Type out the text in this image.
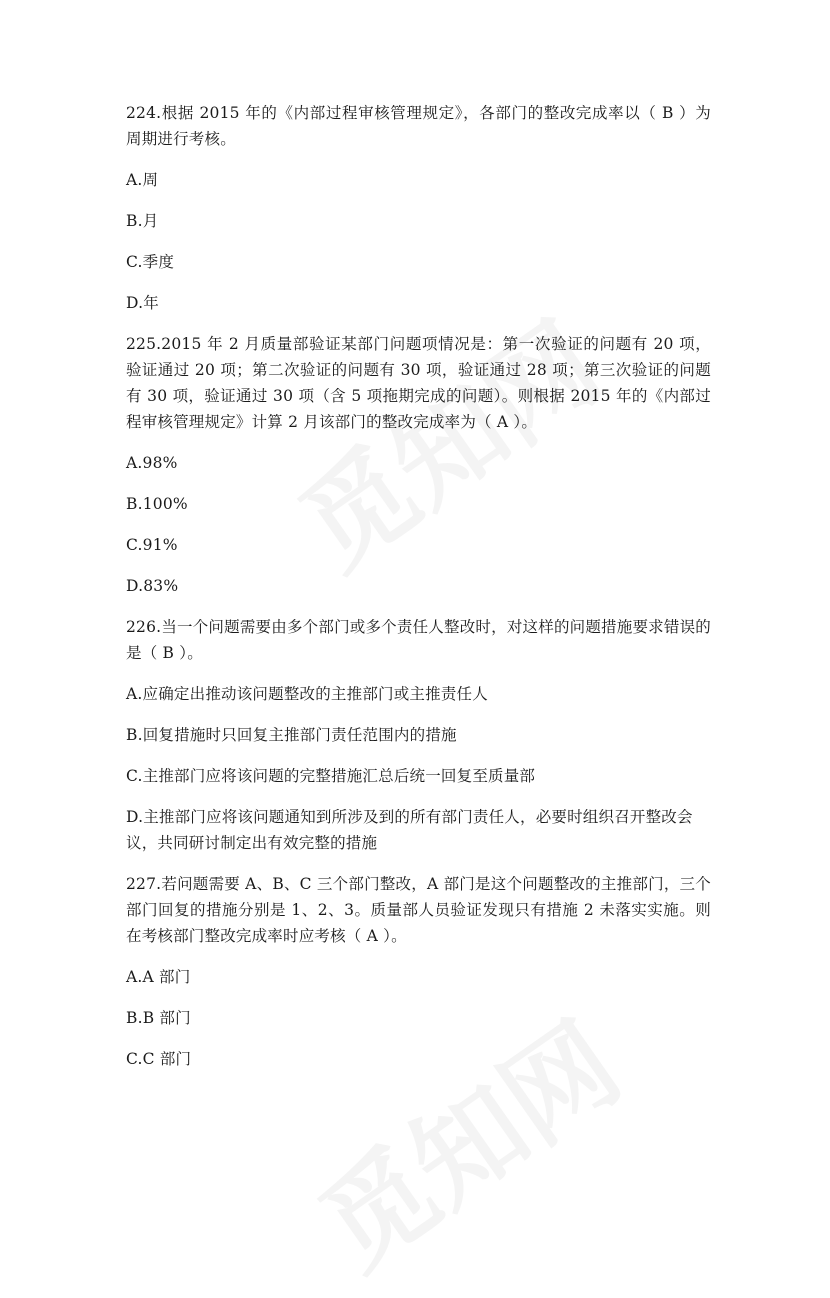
224.根据 2015 年的《内部过程审核管理规定》，各部门的整改完成率以（ B ）为周期进行考核。

A.周

B.月

C.季度

D.年

225.2015 年 2 月质量部验证某部门问题项情况是：第一次验证的问题有 20 项，验证通过 20 项；第二次验证的问题有 30 项，验证通过 28 项；第三次验证的问题有 30 项，验证通过 30 项（含 5 项拖期完成的问题）。则根据 2015 年的《内部过程审核管理规定》计算 2 月该部门的整改完成率为（ A ）。

A.98%

B.100%

C.91%

D.83%

226.当一个问题需要由多个部门或多个责任人整改时，对这样的问题措施要求错误的是（ B ）。

A.应确定出推动该问题整改的主推部门或主推责任人

B.回复措施时只回复主推部门责任范围内的措施

C.主推部门应将该问题的完整措施汇总后统一回复至质量部

D.主推部门应将该问题通知到所涉及到的所有部门责任人，必要时组织召开整改会议，共同研讨制定出有效完整的措施

227.若问题需要 A、B、C 三个部门整改，A 部门是这个问题整改的主推部门，三个部门回复的措施分别是 1、2、3。质量部人员验证发现只有措施 2 未落实实施。则在考核部门整改完成率时应考核（ A ）。

A.A 部门

B.B 部门

C.C 部门
